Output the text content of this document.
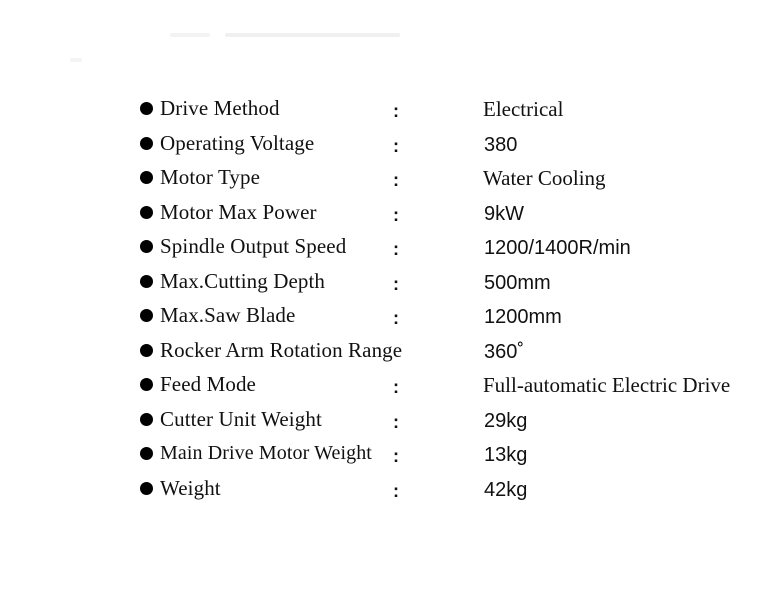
Drive Method	:	Electrical
Operating Voltage	:	380
Motor Type	:	Water Cooling
Motor Max Power	:	9kW
Spindle Output Speed	:	1200/1400R/min
Max.Cutting Depth	:	500mm
Max.Saw Blade	:	1200mm
Rocker Arm Rotation Range	360˚
Feed Mode	:	Full-automatic Electric Drive
Cutter Unit Weight	:	29kg
Main Drive Motor Weight :	13kg
Weight	:	42kg
